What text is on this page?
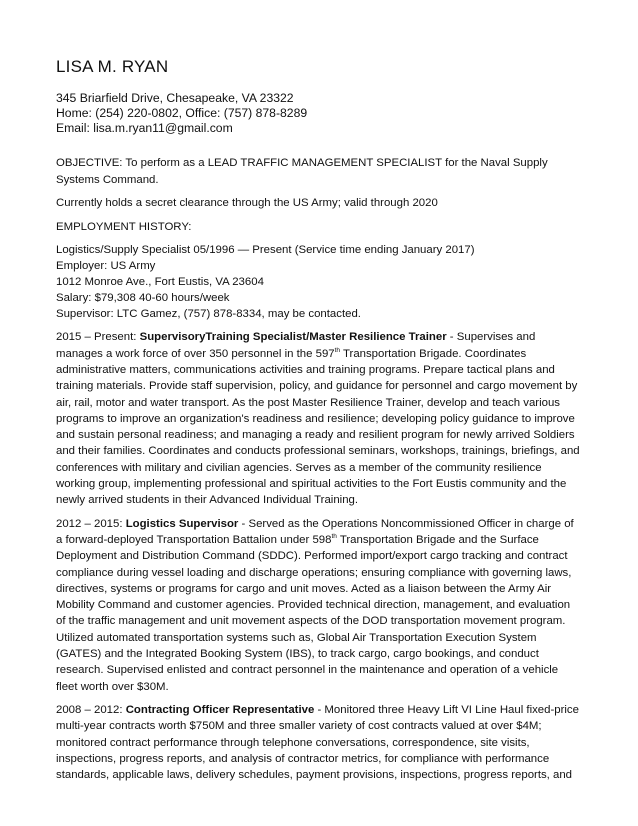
LISA M. RYAN
345 Briarfield Drive, Chesapeake, VA 23322
Home: (254) 220-0802, Office: (757) 878-8289
Email: lisa.m.ryan11@gmail.com
OBJECTIVE: To perform as a LEAD TRAFFIC MANAGEMENT SPECIALIST for the Naval Supply Systems Command.
Currently holds a secret clearance through the US Army; valid through 2020
EMPLOYMENT HISTORY:
Logistics/Supply Specialist 05/1996 — Present (Service time ending January 2017)
Employer: US Army
1012 Monroe Ave., Fort Eustis, VA 23604
Salary: $79,308 40-60 hours/week
Supervisor: LTC Gamez, (757) 878-8334, may be contacted.
2015 – Present: SupervisoryTraining Specialist/Master Resilience Trainer - Supervises and manages a work force of over 350 personnel in the 597th Transportation Brigade. Coordinates administrative matters, communications activities and training programs. Prepare tactical plans and training materials. Provide staff supervision, policy, and guidance for personnel and cargo movement by air, rail, motor and water transport. As the post Master Resilience Trainer, develop and teach various programs to improve an organization's readiness and resilience; developing policy guidance to improve and sustain personal readiness; and managing a ready and resilient program for newly arrived Soldiers and their families. Coordinates and conducts professional seminars, workshops, trainings, briefings, and conferences with military and civilian agencies. Serves as a member of the community resilience working group, implementing professional and spiritual activities to the Fort Eustis community and the newly arrived students in their Advanced Individual Training.
2012 – 2015: Logistics Supervisor - Served as the Operations Noncommissioned Officer in charge of a forward-deployed Transportation Battalion under 598th Transportation Brigade and the Surface Deployment and Distribution Command (SDDC). Performed import/export cargo tracking and contract compliance during vessel loading and discharge operations; ensuring compliance with governing laws, directives, systems or programs for cargo and unit moves. Acted as a liaison between the Army Air Mobility Command and customer agencies. Provided technical direction, management, and evaluation of the traffic management and unit movement aspects of the DOD transportation movement program. Utilized automated transportation systems such as, Global Air Transportation Execution System (GATES) and the Integrated Booking System (IBS), to track cargo, cargo bookings, and conduct research. Supervised enlisted and contract personnel in the maintenance and operation of a vehicle fleet worth over $30M.
2008 – 2012: Contracting Officer Representative - Monitored three Heavy Lift VI Line Haul fixed-price multi-year contracts worth $750M and three smaller variety of cost contracts valued at over $4M; monitored contract performance through telephone conversations, correspondence, site visits, inspections, progress reports, and analysis of contractor metrics, for compliance with performance standards, applicable laws, delivery schedules, payment provisions, inspections, progress reports, and
